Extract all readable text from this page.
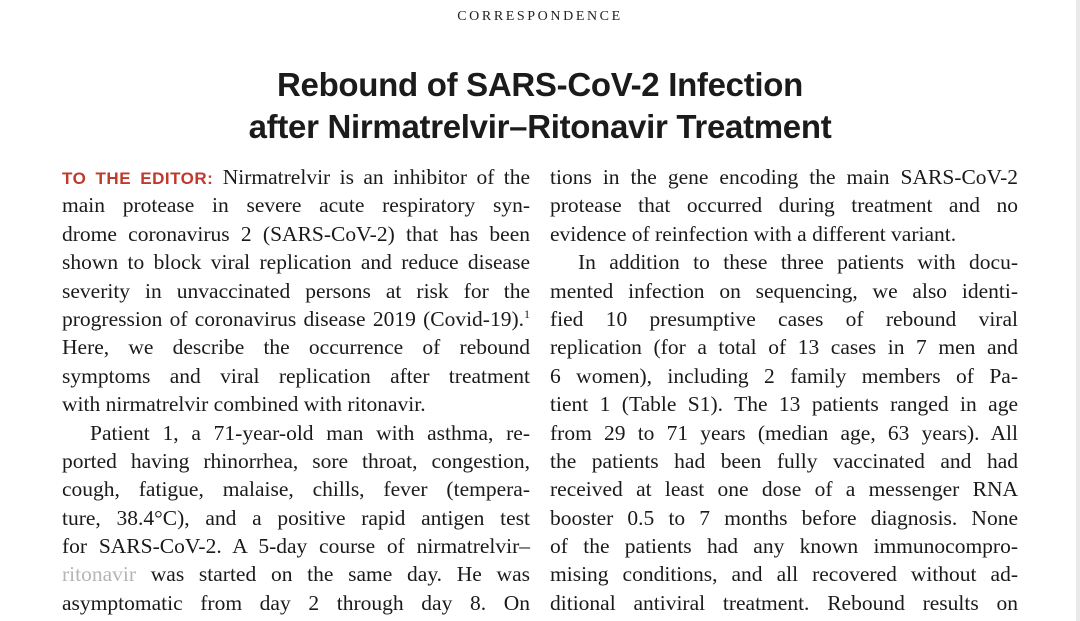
CORRESPONDENCE
Rebound of SARS-CoV-2 Infection
after Nirmatrelvir–Ritonavir Treatment
TO THE EDITOR: Nirmatrelvir is an inhibitor of the
main protease in severe acute respiratory syn-
drome coronavirus 2 (SARS-CoV-2) that has been
shown to block viral replication and reduce disease
severity in unvaccinated persons at risk for the
progression of coronavirus disease 2019 (Covid-19).$^1$
Here, we describe the occurrence of rebound
symptoms and viral replication after treatment
with nirmatrelvir combined with ritonavir.
Patient 1, a 71-year-old man with asthma, re-
ported having rhinorrhea, sore throat, congestion,
cough, fatigue, malaise, chills, fever (tempera-
ture, 38.4°C), and a positive rapid antigen test
for SARS-CoV-2. A 5-day course of nirmatrelvir–
ritonavir was started on the same day. He was
asymptomatic from day 2 through day 8. On
tions in the gene encoding the main SARS-CoV-2
protease that occurred during treatment and no
evidence of reinfection with a different variant.
In addition to these three patients with docu-
mented infection on sequencing, we also identi-
fied 10 presumptive cases of rebound viral
replication (for a total of 13 cases in 7 men and
6 women), including 2 family members of Pa-
tient 1 (Table S1). The 13 patients ranged in age
from 29 to 71 years (median age, 63 years). All
the patients had been fully vaccinated and had
received at least one dose of a messenger RNA
booster 0.5 to 7 months before diagnosis. None
of the patients had any known immunocompro-
mising conditions, and all recovered without ad-
ditional antiviral treatment. Rebound results on
